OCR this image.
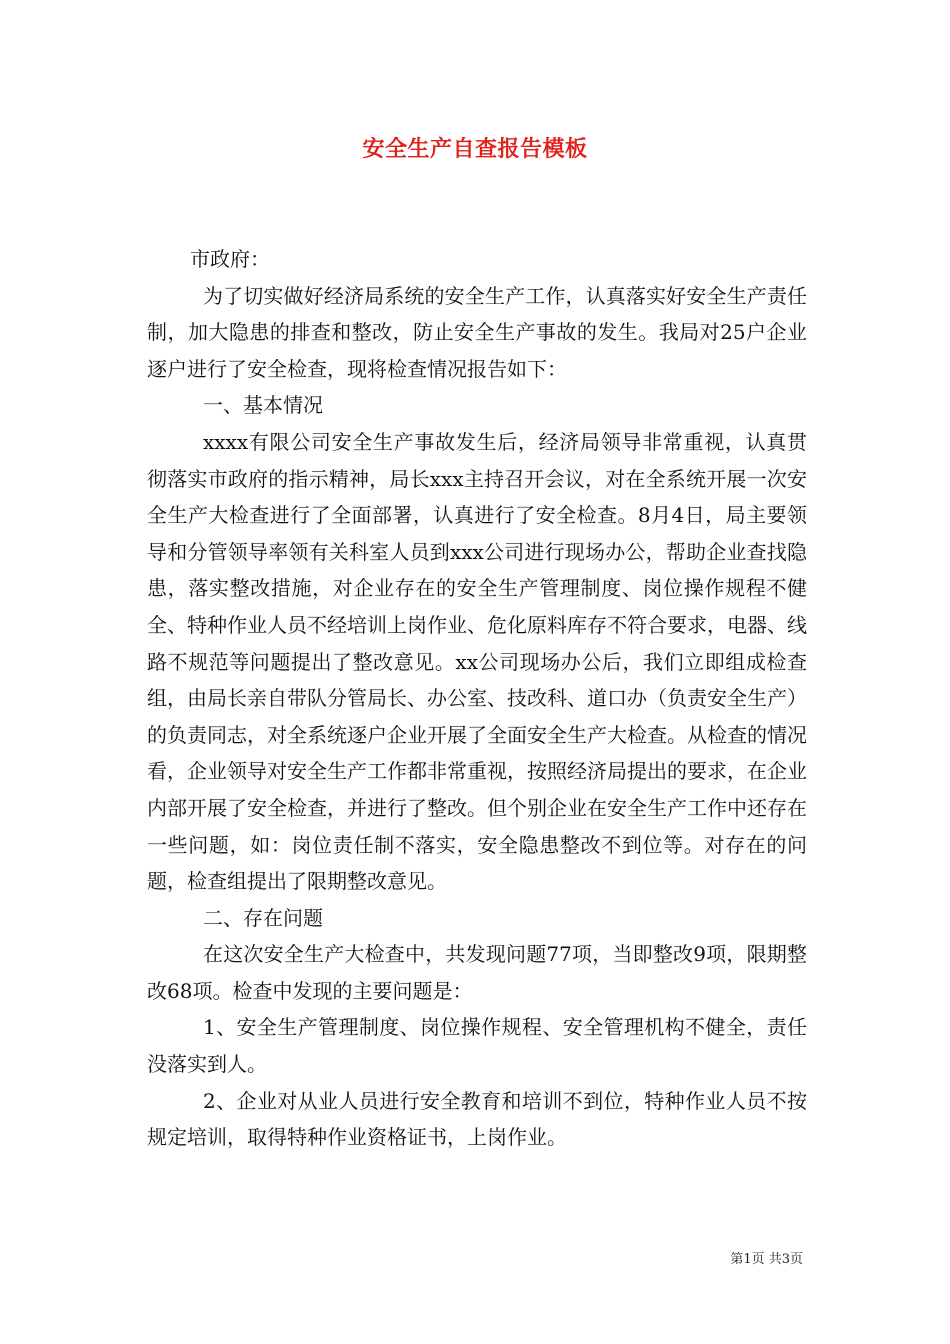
安全生产自查报告模板

市政府：

为了切实做好经济局系统的安全生产工作，认真落实好安全生产责任制，加大隐患的排查和整改，防止安全生产事故的发生。我局对25户企业逐户进行了安全检查，现将检查情况报告如下：

一、基本情况

xxxx有限公司安全生产事故发生后，经济局领导非常重视，认真贯彻落实市政府的指示精神，局长xxx主持召开会议，对在全系统开展一次安全生产大检查进行了全面部署，认真进行了安全检查。8月4日，局主要领导和分管领导率领有关科室人员到xxx公司进行现场办公，帮助企业查找隐患，落实整改措施，对企业存在的安全生产管理制度、岗位操作规程不健全、特种作业人员不经培训上岗作业、危化原料库存不符合要求，电器、线路不规范等问题提出了整改意见。xx公司现场办公后，我们立即组成检查组，由局长亲自带队分管局长、办公室、技改科、道口办（负责安全生产）的负责同志，对全系统逐户企业开展了全面安全生产大检查。从检查的情况看，企业领导对安全生产工作都非常重视，按照经济局提出的要求，在企业内部开展了安全检查，并进行了整改。但个别企业在安全生产工作中还存在一些问题，如：岗位责任制不落实，安全隐患整改不到位等。对存在的问题，检查组提出了限期整改意见。

二、存在问题

在这次安全生产大检查中，共发现问题77项，当即整改9项，限期整改68项。检查中发现的主要问题是：

1、安全生产管理制度、岗位操作规程、安全管理机构不健全，责任没落实到人。

2、企业对从业人员进行安全教育和培训不到位，特种作业人员不按规定培训，取得特种作业资格证书，上岗作业。

第1页 共3页
